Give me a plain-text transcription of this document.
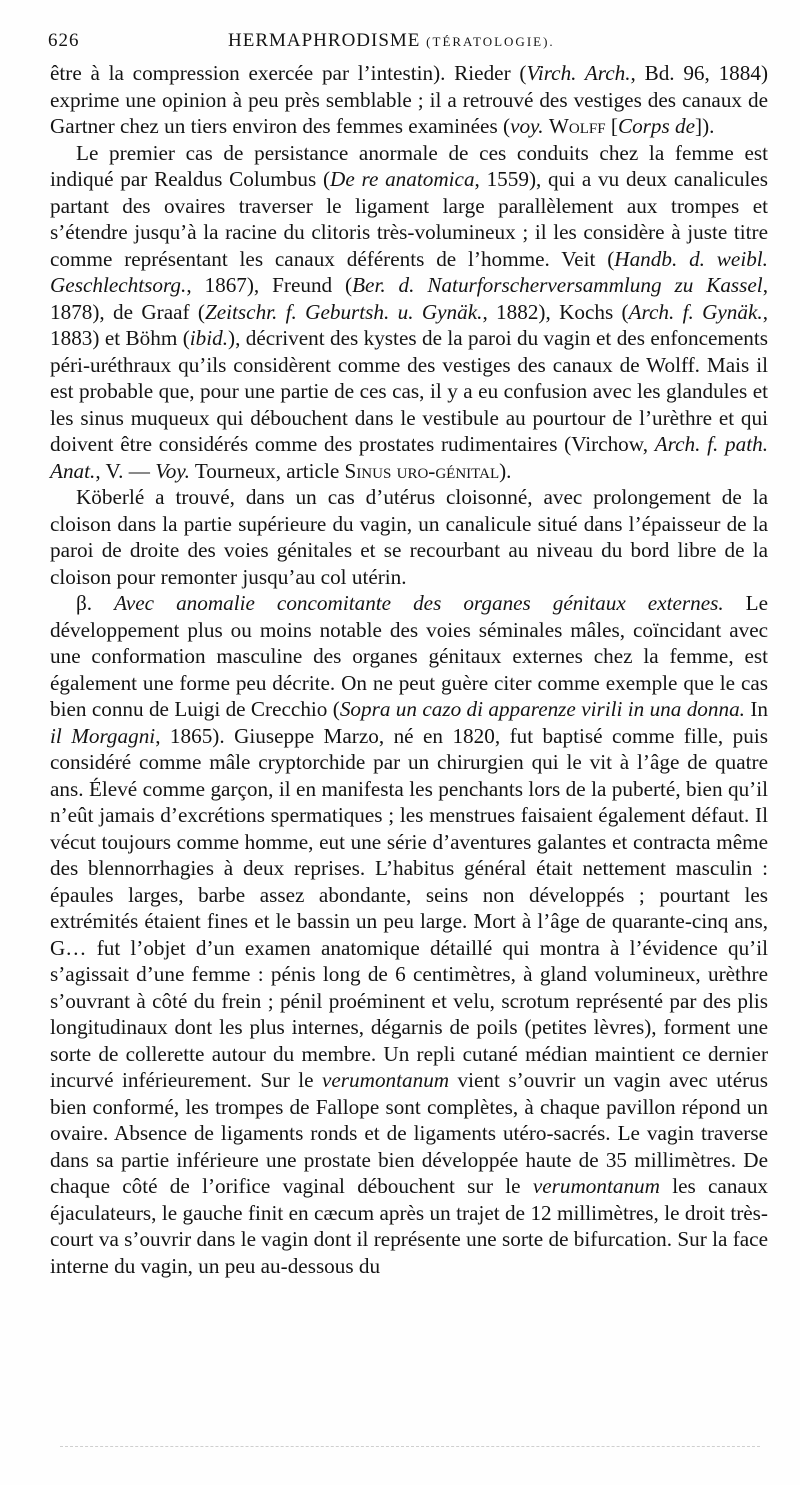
626	HERMAPHRODISME (TÉRATOLOGIE).

être à la compression exercée par l’intestin). Rieder (Virch. Arch., Bd. 96, 1884) exprime une opinion à peu près semblable ; il a retrouvé des vestiges des canaux de Gartner chez un tiers environ des femmes examinées (voy. Wolff [Corps de]).

Le premier cas de persistance anormale de ces conduits chez la femme est indiqué par Realdus Columbus (De re anatomica, 1559), qui a vu deux canalicules partant des ovaires traverser le ligament large parallèlement aux trompes et s’étendre jusqu’à la racine du clitoris très-volumineux ; il les considère à juste titre comme représentant les canaux déférents de l’homme. Veit (Handb. d. weibl. Geschlechtsorg., 1867), Freund (Ber. d. Naturforscherversammlung zu Kassel, 1878), de Graaf (Zeitschr. f. Geburtsh. u. Gynäk., 1882), Kochs (Arch. f. Gynäk., 1883) et Böhm (ibid.), décrivent des kystes de la paroi du vagin et des enfoncements péri-uréthraux qu’ils considèrent comme des vestiges des canaux de Wolff. Mais il est probable que, pour une partie de ces cas, il y a eu confusion avec les glandules et les sinus muqueux qui débouchent dans le vestibule au pourtour de l’urèthre et qui doivent être considérés comme des prostates rudimentaires (Virchow, Arch. f. path. Anat., V. — Voy. Tourneux, article Sinus uro-génital).

Köberlé a trouvé, dans un cas d’utérus cloisonné, avec prolongement de la cloison dans la partie supérieure du vagin, un canalicule situé dans l’épaisseur de la paroi de droite des voies génitales et se recourbant au niveau du bord libre de la cloison pour remonter jusqu’au col utérin.

β. Avec anomalie concomitante des organes génitaux externes. Le développement plus ou moins notable des voies séminales mâles, coïncidant avec une conformation masculine des organes génitaux externes chez la femme, est également une forme peu décrite. On ne peut guère citer comme exemple que le cas bien connu de Luigi de Crecchio (Sopra un cazo di apparenze virili in una donna. In il Morgagni, 1865). Giuseppe Marzo, né en 1820, fut baptisé comme fille, puis considéré comme mâle cryptorchide par un chirurgien qui le vit à l’âge de quatre ans. Élevé comme garçon, il en manifesta les penchants lors de la puberté, bien qu’il n’eût jamais d’excrétions spermatiques ; les menstrues faisaient également défaut. Il vécut toujours comme homme, eut une série d’aventures galantes et contracta même des blennorrhagies à deux reprises. L’habitus général était nettement masculin : épaules larges, barbe assez abondante, seins non développés ; pourtant les extrémités étaient fines et le bassin un peu large. Mort à l’âge de quarante-cinq ans, G… fut l’objet d’un examen anatomique détaillé qui montra à l’évidence qu’il s’agissait d’une femme : pénis long de 6 centimètres, à gland volumineux, urèthre s’ouvrant à côté du frein ; pénil proéminent et velu, scrotum représenté par des plis longitudinaux dont les plus internes, dégarnis de poils (petites lèvres), forment une sorte de collerette autour du membre. Un repli cutané médian maintient ce dernier incurvé inférieurement. Sur le verumontanum vient s’ouvrir un vagin avec utérus bien conformé, les trompes de Fallope sont complètes, à chaque pavillon répond un ovaire. Absence de ligaments ronds et de ligaments utéro-sacrés. Le vagin traverse dans sa partie inférieure une prostate bien développée haute de 35 millimètres. De chaque côté de l’orifice vaginal débouchent sur le verumontanum les canaux éjaculateurs, le gauche finit en cæcum après un trajet de 12 millimètres, le droit très-court va s’ouvrir dans le vagin dont il représente une sorte de bifurcation. Sur la face interne du vagin, un peu au-dessous du
